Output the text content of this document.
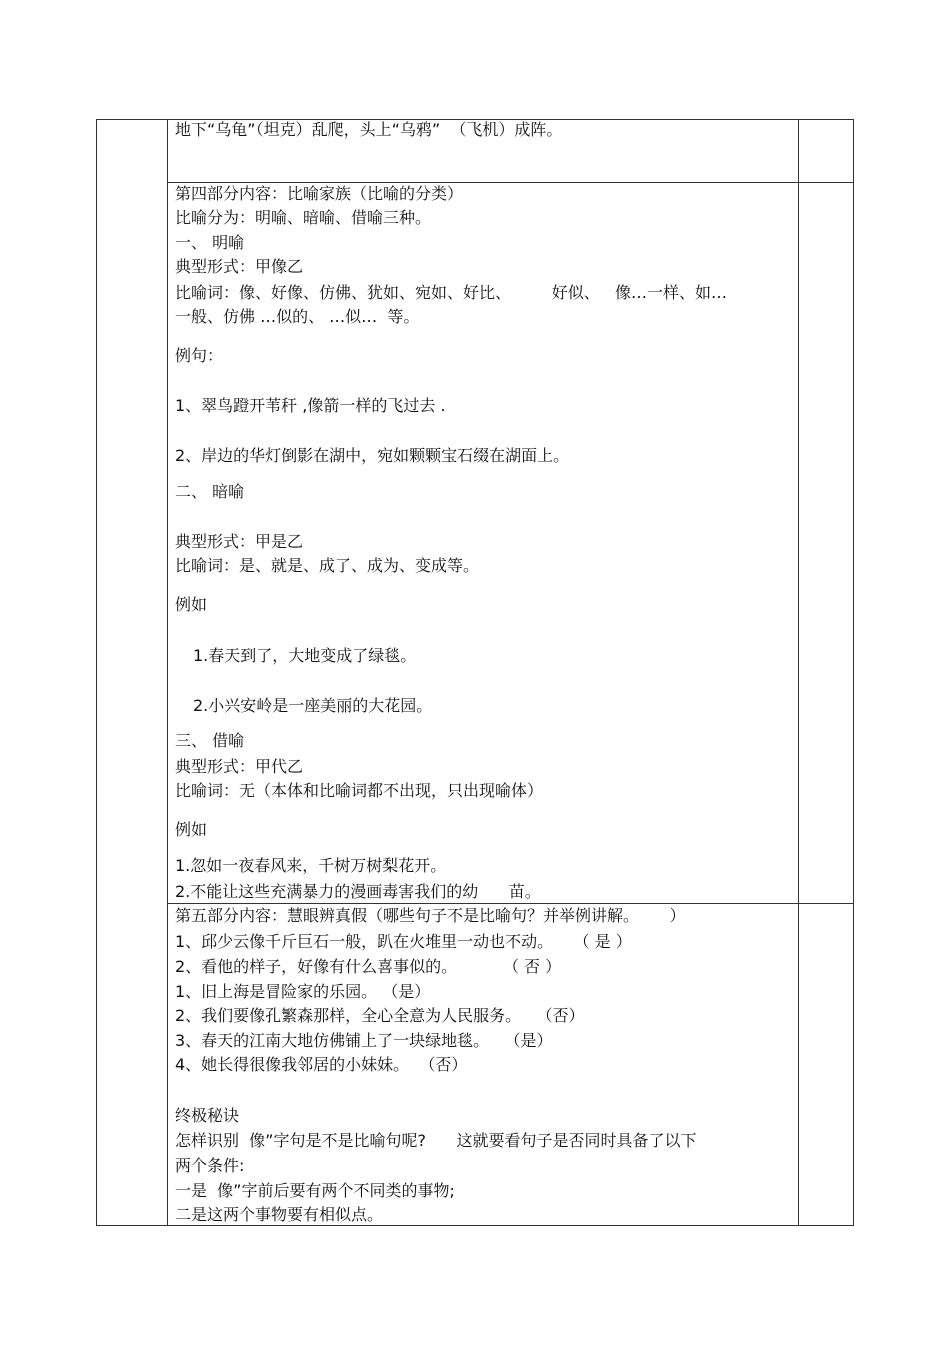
地下“乌龟”（坦克）乱爬，头上“乌鸦”  （飞机）成阵。
第四部分内容：比喻家族（比喻的分类）
比喻分为：明喻、暗喻、借喻三种。
一、 明喻
典型形式：甲像乙
比喻词：像、好像、仿佛、犹如、宛如、好比、        好似、   像…一样、如…
一般、仿佛 …似的、 …似…  等。
例句：
1、翠鸟蹬开苇秆 ,像箭一样的飞过去 .
2、岸边的华灯倒影在湖中，宛如颗颗宝石缀在湖面上。
二、 暗喻
典型形式：甲是乙
比喻词：是、就是、成了、成为、变成等。
例如
1.春天到了，大地变成了绿毯。
2.小兴安岭是一座美丽的大花园。
三、 借喻
典型形式：甲代乙
比喻词：无（本体和比喻词都不出现，只出现喻体）
例如
1.忽如一夜春风来，千树万树梨花开。
2.不能让这些充满暴力的漫画毒害我们的幼      苗。
第五部分内容：慧眼辨真假（哪些句子不是比喻句？并举例讲解。      ）
1、邱少云像千斤巨石一般，趴在火堆里一动也不动。    （ 是 ）
2、看他的样子，好像有什么喜事似的。         （ 否 ）
1、旧上海是冒险家的乐园。 （是）
2、我们要像孔繁森那样，全心全意为人民服务。   （否）
3、春天的江南大地仿佛铺上了一块绿地毯。   （是）
4、她长得很像我邻居的小妹妹。  （否）
终极秘诀
怎样识别  像”字句是不是比喻句呢?      这就要看句子是否同时具备了以下
两个条件:
一是  像”字前后要有两个不同类的事物;
二是这两个事物要有相似点。
